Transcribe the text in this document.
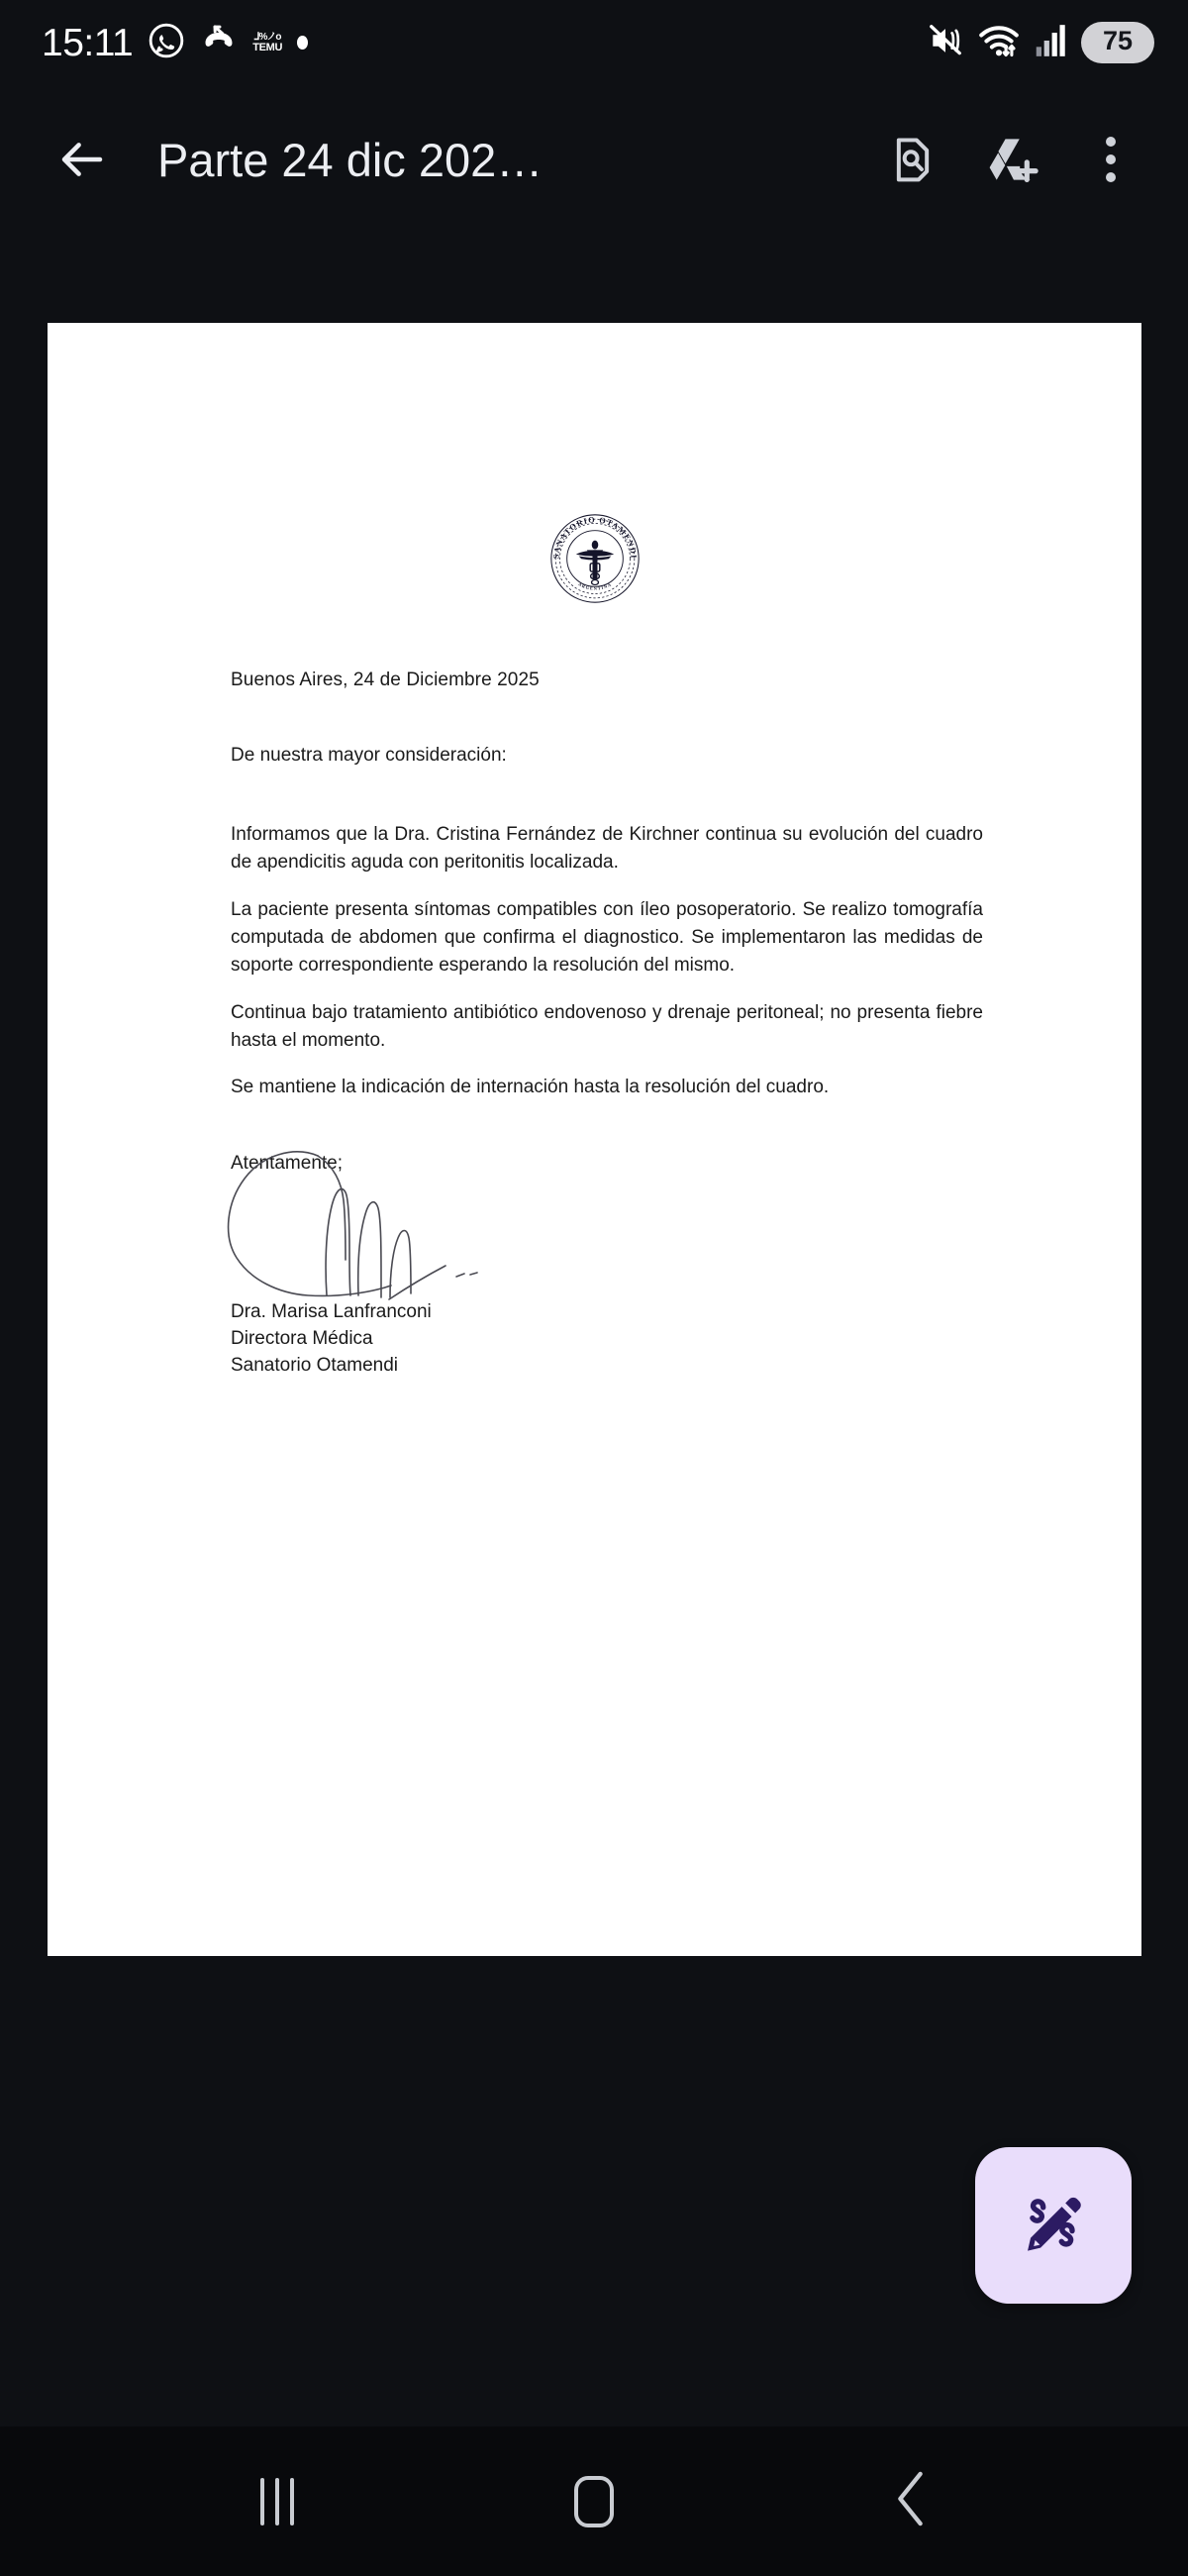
15:11	⅃%ノo
TEMU	75
Parte 24 dic 202…
SANATORIO OTAMENDI
ARGENTINA
Buenos Aires, 24 de Diciembre 2025
De nuestra mayor consideración:

Informamos que la Dra. Cristina Fernández de Kirchner continua su evolución del cuadro de apendicitis aguda con peritonitis localizada.

La paciente presenta síntomas compatibles con íleo posoperatorio. Se realizo tomografía computada de abdomen que confirma el diagnostico. Se implementaron las medidas de soporte correspondiente esperando la resolución del mismo.

Continua bajo tratamiento antibiótico endovenoso y drenaje peritoneal; no presenta fiebre hasta el momento.

Se mantiene la indicación de internación hasta la resolución del cuadro.

Atentamente;
Dra. Marisa Lanfranconi
Directora Médica
Sanatorio Otamendi
